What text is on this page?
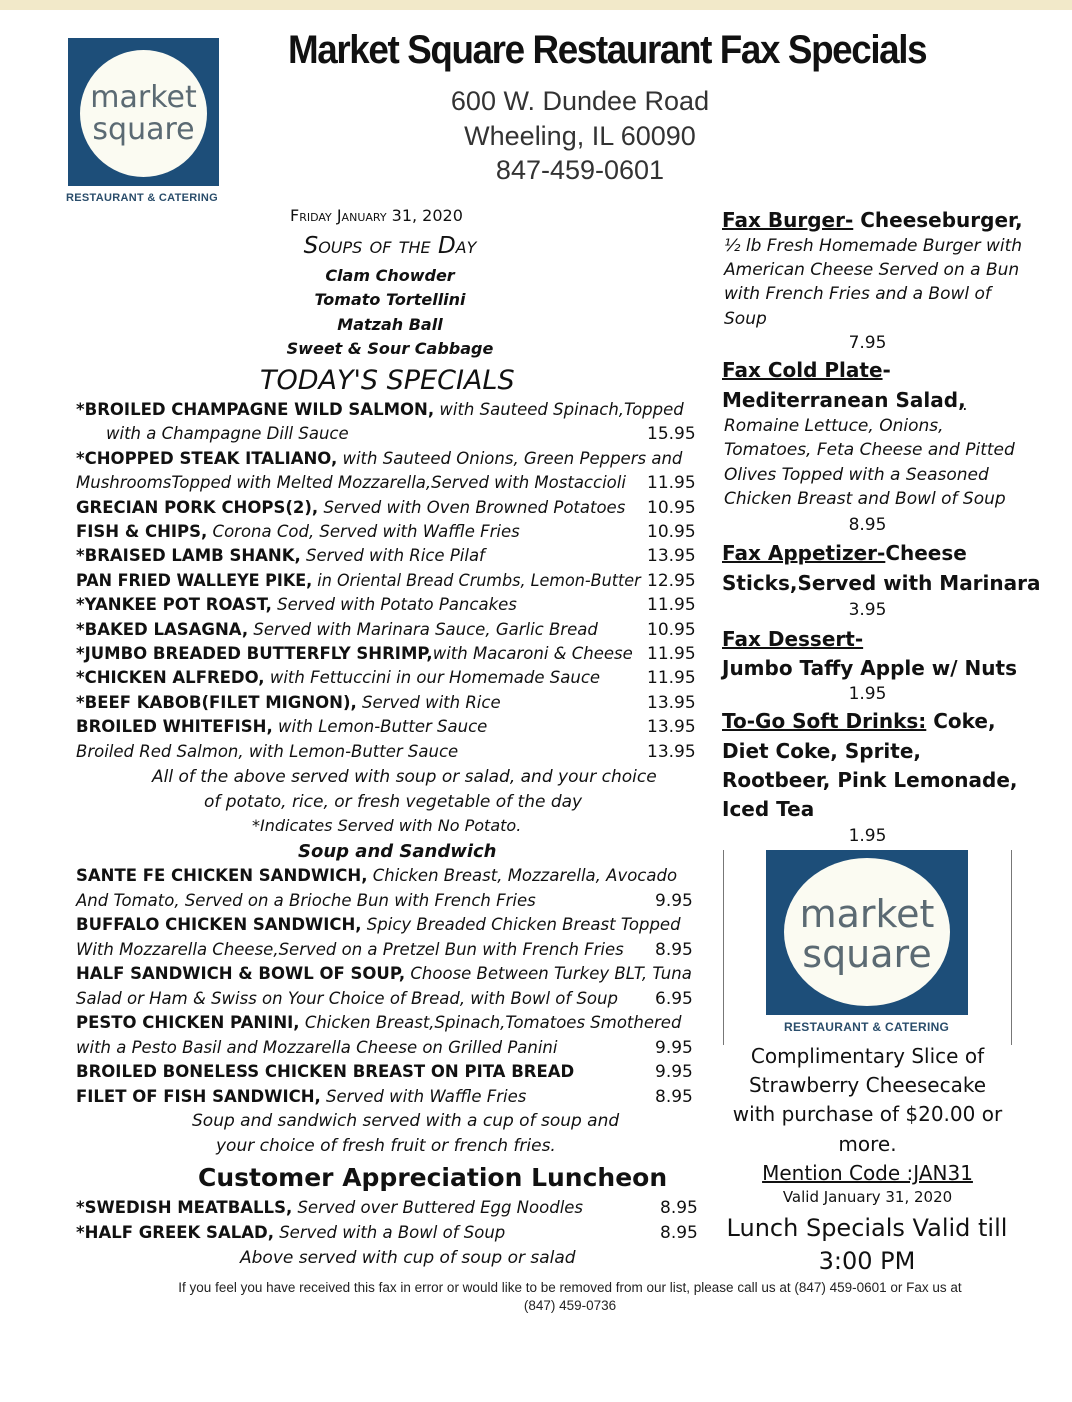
market
square
RESTAURANT & CATERING
Market Square Restaurant Fax Specials
600 W. Dundee Road
Wheeling, IL 60090
847-459-0601
Friday January 31, 2020
Soups of the Day
Clam Chowder
Tomato Tortellini
Matzah Ball
Sweet & Sour Cabbage
TODAY'S SPECIALS
*BROILED CHAMPAGNE WILD SALMON, with Sauteed Spinach,Topped
with a Champagne Dill Sauce	15.95
*CHOPPED STEAK ITALIANO, with Sauteed Onions, Green Peppers and
MushroomsTopped with Melted Mozzarella,Served with Mostaccioli 11.95
GRECIAN PORK CHOPS(2), Served with Oven Browned Potatoes 10.95
FISH & CHIPS, Corona Cod, Served with Waffle Fries	10.95
*BRAISED LAMB SHANK, Served with Rice Pilaf	13.95
PAN FRIED WALLEYE PIKE, in Oriental Bread Crumbs, Lemon-Butter 12.95
*YANKEE POT ROAST, Served with Potato Pancakes	11.95
*BAKED LASAGNA, Served with Marinara Sauce, Garlic Bread	10.95
*JUMBO BREADED BUTTERFLY SHRIMP,with Macaroni & Cheese 11.95
*CHICKEN ALFREDO, with Fettuccini in our Homemade Sauce	11.95
*BEEF KABOB(FILET MIGNON), Served with Rice	13.95
BROILED WHITEFISH, with Lemon-Butter Sauce	13.95
Broiled Red Salmon, with Lemon-Butter Sauce	13.95
All of the above served with soup or salad, and your choice
of potato, rice, or fresh vegetable of the day
*Indicates Served with No Potato.
Soup and Sandwich
SANTE FE CHICKEN SANDWICH, Chicken Breast, Mozzarella, Avocado
And Tomato, Served on a Brioche Bun with French Fries	9.95
BUFFALO CHICKEN SANDWICH, Spicy Breaded Chicken Breast Topped
With Mozzarella Cheese,Served on a Pretzel Bun with French Fries 8.95
HALF SANDWICH & BOWL OF SOUP, Choose Between Turkey BLT, Tuna
Salad or Ham & Swiss on Your Choice of Bread, with Bowl of Soup 6.95
PESTO CHICKEN PANINI, Chicken Breast,Spinach,Tomatoes Smothered
with a Pesto Basil and Mozzarella Cheese on Grilled Panini	9.95
BROILED BONELESS CHICKEN BREAST ON PITA BREAD	9.95
FILET OF FISH SANDWICH, Served with Waffle Fries	8.95
Soup and sandwich served with a cup of soup and
your choice of fresh fruit or french fries.
Customer Appreciation Luncheon
*SWEDISH MEATBALLS, Served over Buttered Egg Noodles	8.95
*HALF GREEK SALAD, Served with a Bowl of Soup	8.95
Above served with cup of soup or salad
Fax Burger- Cheeseburger,
½ lb Fresh Homemade Burger with
American Cheese Served on a Bun
with French Fries and a Bowl of
Soup
7.95
Fax Cold Plate-
Mediterranean Salad,
Romaine Lettuce, Onions,
Tomatoes, Feta Cheese and Pitted
Olives Topped with a Seasoned
Chicken Breast and Bowl of Soup
8.95
Fax Appetizer-Cheese
Sticks,Served with Marinara
3.95
Fax Dessert-
Jumbo Taffy Apple w/ Nuts
1.95
To-Go Soft Drinks: Coke,
Diet Coke, Sprite,
Rootbeer, Pink Lemonade,
Iced Tea
1.95
market
square
RESTAURANT & CATERING
Complimentary Slice of
Strawberry Cheesecake
with purchase of $20.00 or
more.
Mention Code :JAN31
Valid January 31, 2020
Lunch Specials Valid till
3:00 PM
If you feel you have received this fax in error or would like to be removed from our list, please call us at (847) 459-0601 or Fax us at
(847) 459-0736
